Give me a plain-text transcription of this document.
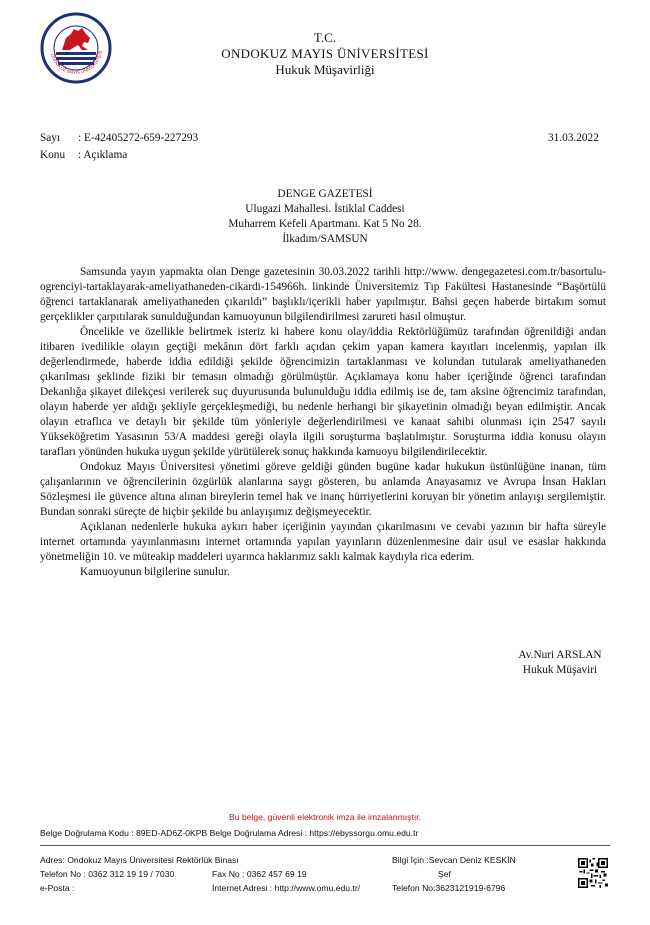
ONDOKUZ MAYIS ÜNİVERSİTESİ
T.C.
ONDOKUZ MAYIS ÜNİVERSİTESİ
Hukuk Müşavirliği
Sayı : E-42405272-659-227293	31.03.2022
Konu : Açıklama
DENGE GAZETESİ
Ulugazi Mahallesi. İstiklal Caddesi
Muharrem Kefeli Apartmanı. Kat 5 No 28.
İlkadım/SAMSUN

Samsunda yayın yapmakta olan Denge gazetesinin 30.03.2022 tarihli http://www. dengegazetesi.com.tr/basortulu-ogrenciyi-tartaklayarak-ameliyathaneden-cikardi-154966h. linkinde Üniversitemiz Tıp Fakültesi Hastanesinde “Başörtülü öğrenci tartaklanarak ameliyathaneden çıkarıldı” başlıklı/içerikli haber yapılmıştır. Bahsi geçen haberde birtakım somut gerçeklikler çarpıtılarak sunulduğundan kamuoyunun bilgilendirilmesi zarureti hasıl olmuştur.

Öncelikle ve özellikle belirtmek isteriz ki habere konu olay/iddia Rektörlüğümüz tarafından öğrenildiği andan itibaren ivedilikle olayın geçtiği mekânın dört farklı açıdan çekim yapan kamera kayıtları incelenmiş, yapılan ilk değerlendirmede, haberde iddia edildiği şekilde öğrencimizin tartaklanması ve kolundan tutularak ameliyathaneden çıkarılması şeklinde fiziki bir temasın olmadığı görülmüştür. Açıklamaya konu haber içeriğinde öğrenci tarafından Dekanlığa şikayet dilekçesi verilerek suç duyurusunda bulunulduğu iddia edilmiş ise de, tam aksine öğrencimiz tarafından, olayın haberde yer aldığı şekliyle gerçekleşmediği, bu nedenle herhangi bir şikayetinin olmadığı beyan edilmiştir. Ancak olayın etraflıca ve detaylı bir şekilde tüm yönleriyle değerlendirilmesi ve kanaat sahibi olunması için 2547 sayılı Yükseköğretim Yasasının 53/A maddesi gereği olayla ilgili soruşturma başlatılmıştır. Soruşturma iddia konusu olayın tarafları yönünden hukuka uygun şekilde yürütülerek sonuç hakkında kamuoyu bilgilendirilecektir.

Ondokuz Mayıs Üniversitesi yönetimi göreve geldiği günden bugüne kadar hukukun üstünlüğüne inanan, tüm çalışanlarının ve öğrencilerinin özgürlük alanlarına saygı gösteren, bu anlamda Anayasamız ve Avrupa İnsan Hakları Sözleşmesi ile güvence altına alınan bireylerin temel hak ve inanç hürriyetlerini koruyan bir yönetim anlayışı sergilemiştir. Bundan sonraki süreçte de hiçbir şekilde bu anlayışımız değişmeyecektir.

Açıklanan nedenlerle hukuka aykırı haber içeriğinin yayından çıkarılmasını ve cevabi yazının bir hafta süreyle internet ortamında yayınlanmasını internet ortamında yapılan yayınların düzenlenmesine dair usul ve esaslar hakkında yönetmeliğin 10. ve müteakip maddeleri uyarınca haklarımız saklı kalmak kaydıyla rica ederim.

Kamuoyunun bilgilerine sunulur.

Av.Nuri ARSLAN
Hukuk Müşaviri
Bu belge, güvenli elektronik imza ile imzalanmıştır.
Belge Doğrulama Kodu : 89ED-AD6Z-0KPB Belge Doğrulama Adresi : https://ebyssorgu.omu.edu.tr
Adres: Ondokuz Mayıs Üniversitesi Rektörlük Binası
Telefon No : 0362 312 19 19 / 7030
e-Posta :
Fax No : 0362 457 69 19
İnternet Adresi : http://www.omu.edu.tr/
Bilgi İçin :Sevcan Deniz KESKİN
Şef
Telefon No:3623121919-6796
